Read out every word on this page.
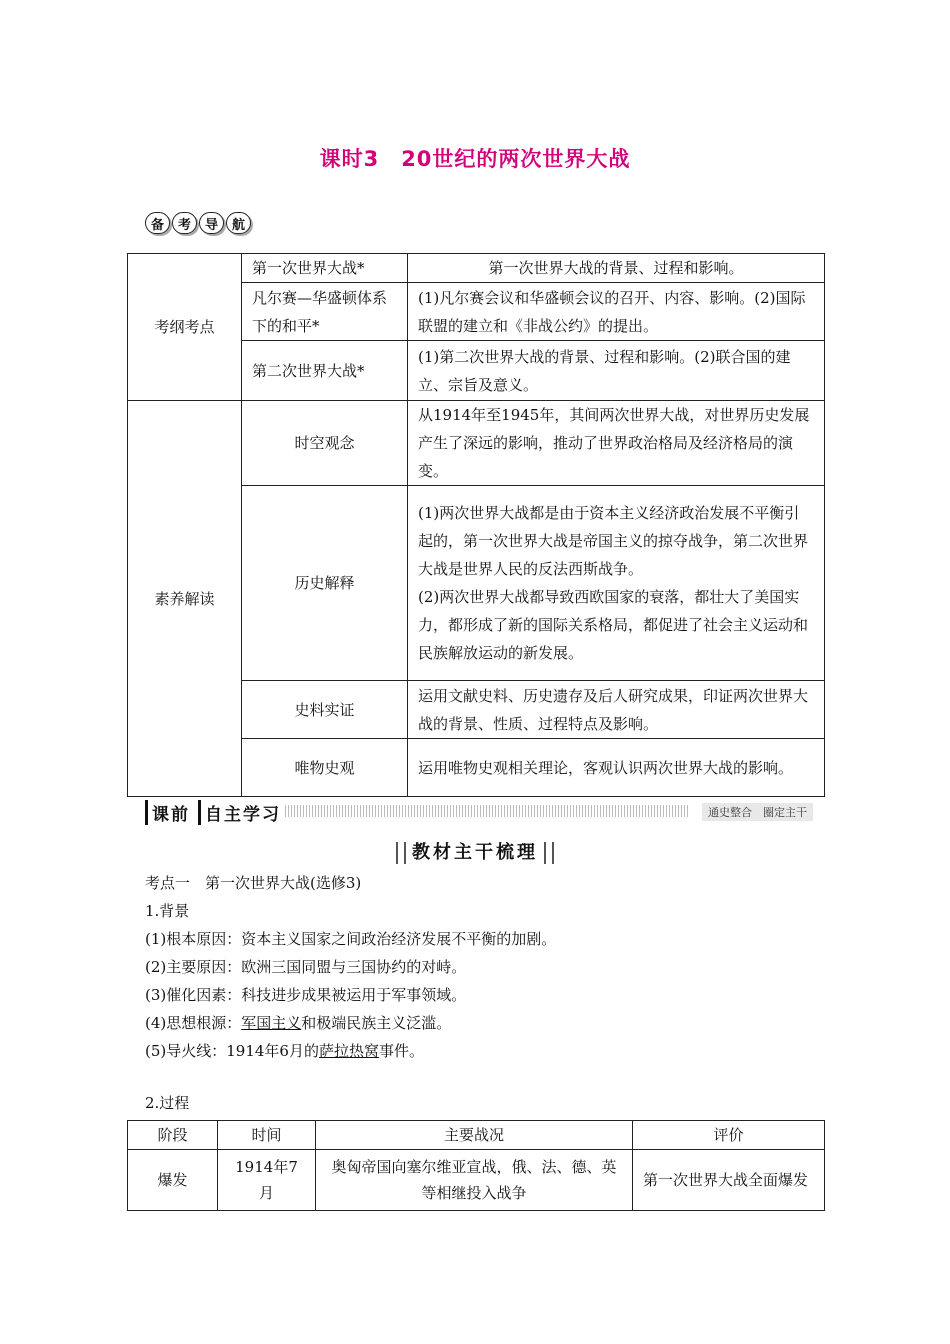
课时3　20世纪的两次世界大战
备	考	导	航
考纲考点	第一次世界大战*	第一次世界大战的背景、过程和影响。
	凡尔赛—华盛顿体系下的和平*	(1)凡尔赛会议和华盛顿会议的召开、内容、影响。(2)国际联盟的建立和《非战公约》的提出。
	第二次世界大战*	(1)第二次世界大战的背景、过程和影响。(2)联合国的建立、宗旨及意义。
素养解读	时空观念	从1914年至1945年，其间两次世界大战，对世界历史发展产生了深远的影响，推动了世界政治格局及经济格局的演变。
	历史解释	(1)两次世界大战都是由于资本主义经济政治发展不平衡引起的，第一次世界大战是帝国主义的掠夺战争，第二次世界大战是世界人民的反法西斯战争。
(2)两次世界大战都导致西欧国家的衰落，都壮大了美国实力，都形成了新的国际关系格局，都促进了社会主义运动和民族解放运动的新发展。

	史料实证	运用文献史料、历史遗存及后人研究成果，印证两次世界大战的背景、性质、过程特点及影响。
	唯物史观	运用唯物史观相关理论，客观认识两次世界大战的影响。
课前 自主学习	通史整合　圈定主干
教材主干梳理
考点一　第一次世界大战(选修3)
1.背景
(1)根本原因：资本主义国家之间政治经济发展不平衡的加剧。
(2)主要原因：欧洲三国同盟与三国协约的对峙。
(3)催化因素：科技进步成果被运用于军事领域。
(4)思想根源：军国主义和极端民族主义泛滥。
(5)导火线：1914年6月的萨拉热窝事件。
2.过程
阶段	时间	主要战况	评价
爆发	1914年7月	奥匈帝国向塞尔维亚宣战，俄、法、德、英等相继投入战争	第一次世界大战全面爆发
